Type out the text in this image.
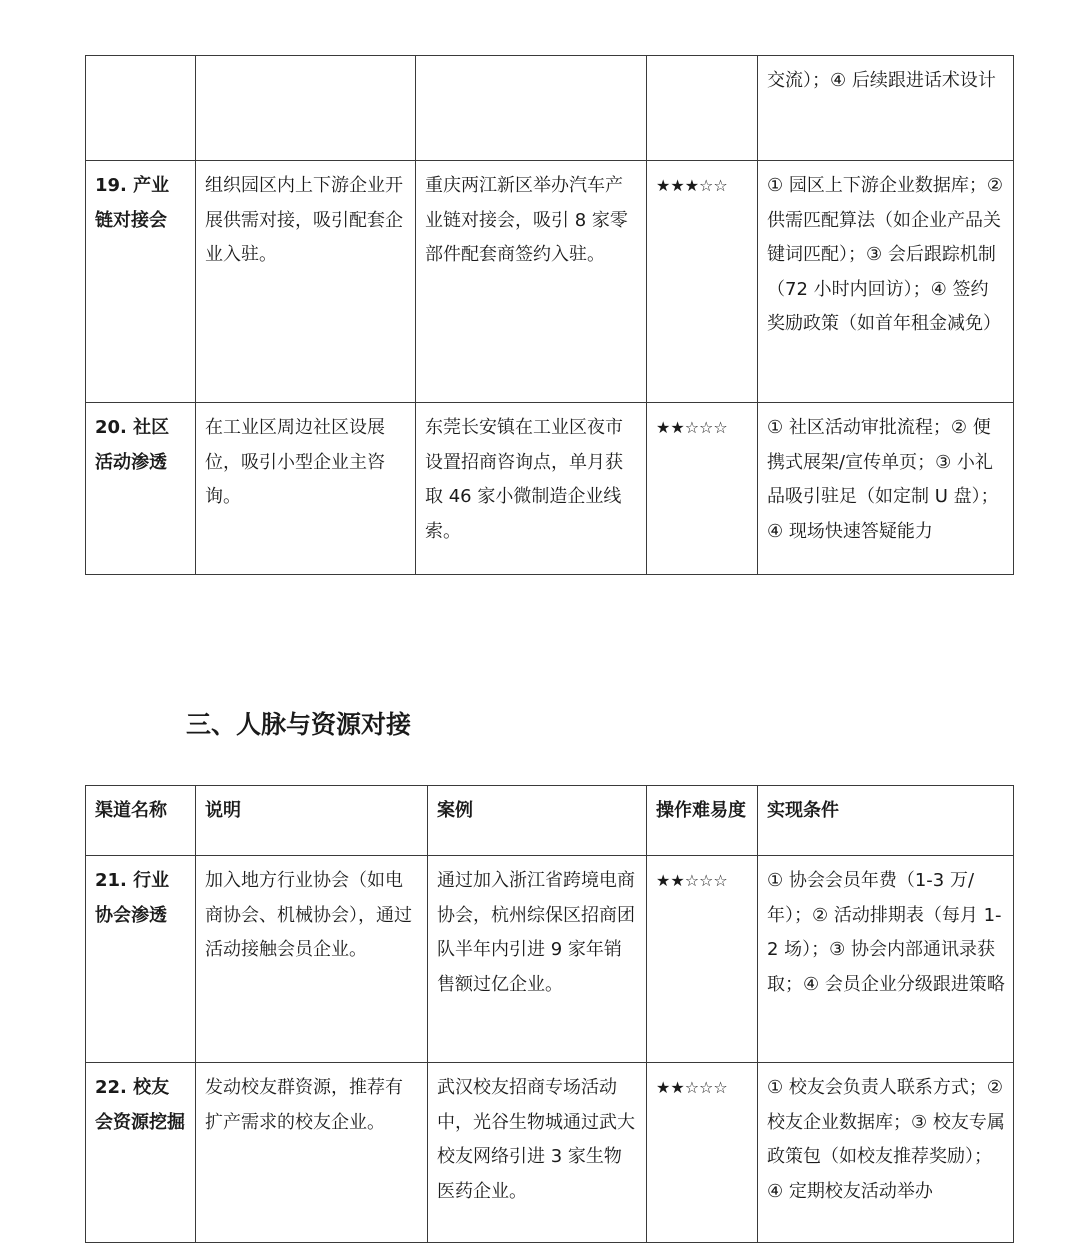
				交流）；④ 后续跟进话术设计
19. 产业链对接会	组织园区内上下游企业开展供需对接，吸引配套企业入驻。	重庆两江新区举办汽车产业链对接会，吸引 8 家零部件配套商签约入驻。	★★★☆☆	① 园区上下游企业数据库；② 供需匹配算法（如企业产品关键词匹配）；③ 会后跟踪机制（72 小时内回访）；④ 签约奖励政策（如首年租金减免）
20. 社区活动渗透	在工业区周边社区设展位，吸引小型企业主咨询。	东莞长安镇在工业区夜市设置招商咨询点，单月获取 46 家小微制造企业线索。	★★☆☆☆	① 社区活动审批流程；② 便携式展架/宣传单页；③ 小礼品吸引驻足（如定制 U 盘）；④ 现场快速答疑能力
三、人脉与资源对接
渠道名称	说明	案例	操作难易度	实现条件
21. 行业协会渗透	加入地方行业协会（如电商协会、机械协会），通过活动接触会员企业。	通过加入浙江省跨境电商协会，杭州综保区招商团队半年内引进 9 家年销售额过亿企业。	★★☆☆☆	① 协会会员年费（1-3 万/年）；② 活动排期表（每月 1-2 场）；③ 协会内部通讯录获取；④ 会员企业分级跟进策略
22. 校友会资源挖掘	发动校友群资源，推荐有扩产需求的校友企业。	武汉校友招商专场活动中，光谷生物城通过武大校友网络引进 3 家生物医药企业。	★★☆☆☆	① 校友会负责人联系方式；② 校友企业数据库；③ 校友专属政策包（如校友推荐奖励）；④ 定期校友活动举办
